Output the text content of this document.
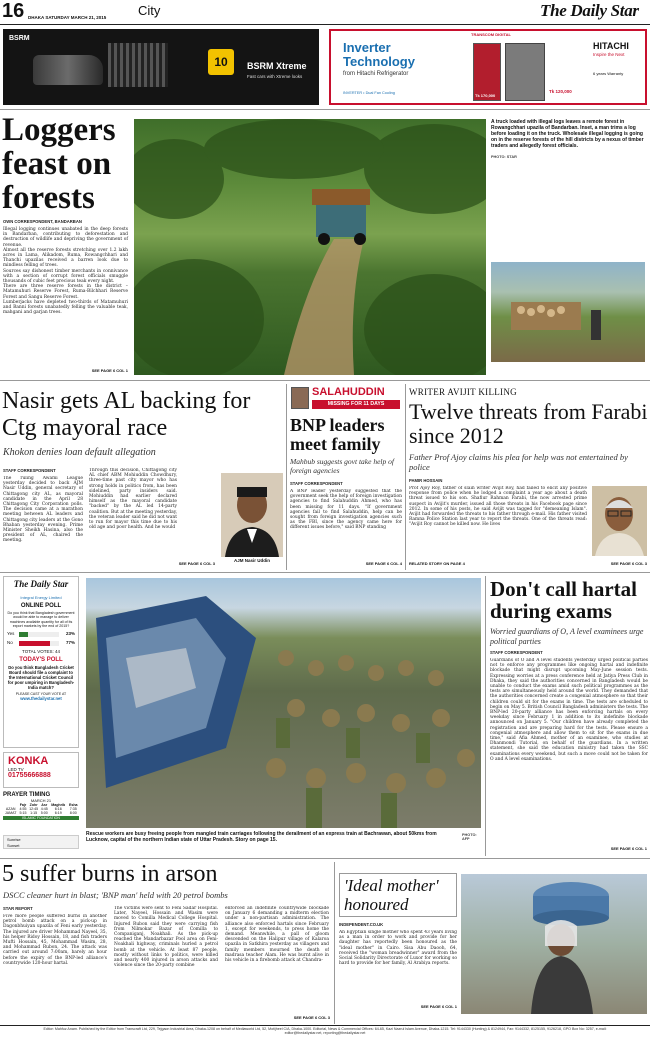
16 DHAKA SATURDAY MARCH 21, 2015 City	The Daily Star
BSRM
10	BSRM Xtreme
Fast cars with Xtreme looks
TRANSCOM DIGITAL
Inverter
Technology
from Hitachi Refrigerator
INVERTER • Dual Fan Cooling	Tk 170,000
Tk 120,000
HITACHI
Inspire the Next
6 years Warranty
Loggers feast on forests
OWN CORRESPONDENT, BANDARBAN

Illegal logging continues unabated in the deep forests in Bandarban, contributing to deforestation and destruction of wildlife and depriving the government of revenue.

Almost all the reserve forests stretching over 1.2 lakh acres in Lama, Alikadom, Ruma, Rowangchhari and Thanchi upazilas received a barren look due to mindless felling of trees.

Sources say dishonest timber merchants in connivance with a section of corrupt forest officials smuggle thousands of cubic feet precious teak every night.

There are three reserve forests in the district – Matamuhuri Reserve Forest, Ruma-Bilchhari Reserve Forest and Sangu Reserve Forest.

Lumberjacks have depleted two-thirds of Matamuhuri and Banni forests unabatedly felling the valuable teak, mahgani and garjan trees.

SEE PAGE 6 COL 1
A truck loaded with illegal logs leaves a remote forest in Rowangchhari upazila of Bandarban. Inset, a man trims a log before loading it on the truck. Wholesale illegal logging is going on in the reserve forests of the hill districts by a nexus of timber traders and allegedly forest officials.
PHOTO: STAR
Nasir gets AL backing for Ctg mayoral race
Khokon denies loan default allegation
STAFF CORRESPONDENT
The ruling Awami League yesterday decided to back AJM Nasir Uddin, general secretary of Chittagong city AL, as mayoral candidate in the April 28 Chittagong City Corporation polls. The decision came at a marathon meeting between AL leaders and Chittagong city leaders at the Gono Bhaban yesterday evening. Prime Minister Sheikh Hasina, also the president of AL, chaired the meeting.
Through this decision, Chittagong city AL chief ABM Mohiuddin Chowdhury, three-time past city mayor who has strong holds in politics from, has been sidelined, party insiders said. Mohiuddin had earlier declared himself as the mayoral candidate "backed" by the AL led 14-party coalition. But at the meeting yesterday, the veteran leader said he did not want to run for mayor this time due to his old age and poor health. And he would
SEE PAGE 6 COL 3
AJM Nasir Uddin
SALAHUDDIN
MISSING FOR 11 DAYS
BNP leaders meet family
Mahbub suggests govt take help of foreign agencies
STAFF CORRESPONDENT
A BNP leader yesterday suggested that the government seek the help of foreign investigation agencies to find Salahuddin Ahmed, who has been missing for 11 days. "If government agencies fail to find Salahuddin, help can be sought from foreign investigation agencies such as the FBI, since the agency came here for different issues before," said BNP standing
SEE PAGE 6 COL 4
WRITER AVIJIT KILLING
Twelve threats from Farabi since 2012
Father Prof Ajoy claims his plea for help was not entertained by police
PAMIR HOSSAIN
Prof Ajoy Roy, father of slain writer Avijit Roy, had failed to elicit any positive response from police when he lodged a complaint a year ago about a death threat issued to his son. Shafiur Rahman Farabi, the now arrested prime suspect in Avijit's murder, issued all those threats in his Facebook page since 2012. In some of his posts, he said Avijit was tagged for "demeaning Islam". Avijit had forwarded the threats to his father through e-mail. His father visited Ramna Police Station last year to report the threats. One of the threats read: "Avijit Roy cannot be killed now. He lives
RELATED STORY ON PAGE 4	SEE PAGE 6 COL 3
The Daily Star
Integral Energy Limited
ONLINE POLL
Do you think that Bangladesh government would be able to manage to deliver machines available quantity for all of its export markets by the end of 2015?
Yes	23%
No	77%
TOTAL VOTES: 44
TODAY'S POLL
Do you think Bangladesh Cricket Board should file a complaint to the International Cricket Council for poor umpiring in Bangladesh-India match?
PLEASE CAST YOUR VOTE AT
www.thedailystar.net
KONKA
LED TV
01755666888
PRAYER TIMING
MARCH 21
	Fajr	Zohr	Asr	Maghrib	Esha
AZAN	4:55	12:45	4:45	6:16	7:35
JAMAT	5:15	1:15	5:00	6:19	8:00
ISLAMIC FOUNDATION
Sunrise
Sunset
Rescue workers are busy freeing people from mangled train carriages following the derailment of an express train at Bachrawan, about 50kms from Lucknow, capital of the northern Indian state of Uttar Pradesh. Story on page 15.
PHOTO: AFP
Don't call hartal during exams
Worried guardians of O, A level examinees urge political parties
STAFF CORRESPONDENT
Guardians of O and A level students yesterday urged political parties not to enforce any programmes like ongoing hartal and indefinite blockade that might disrupt upcoming May-June session tests. Expressing worries at a press conference held at Jatiya Press Club in Dhaka, they said the authorities concerned in Bangladesh would be unable to conduct the exams amid such political programmes as the tests are simultaneously held around the world. They demanded that the authorities concerned create a congenial atmosphere so that their children could sit for the exams in time. The tests are scheduled to begin on May 5. British Council Bangladesh administers the tests. The BNP-led 20-party alliance has been enforcing hartals on every weekday since February 1 in addition to its indefinite blockade announced on January 5. "Our children have already completed the registration and are preparing hard for the tests. Please ensure a congenial atmosphere and allow them to sit for the exams in due time," said Afia Ahmed, mother of an examinee, who studies at Dhanmondi Tutorial, on behalf of the guardians. In a written statement, she said the education ministry had taken the SSC examinations every weekend, but such a move could not be taken for O and A level examinations.
SEE PAGE 6 COL 1
5 suffer burns in arson
DSCC cleaner hurt in blast; 'BNP man' held with 20 petrol bombs
STAR REPORT
Five more people suffered burns in another petrol bomb attack on a pick-up in Dagonbhuiyan upazila of Feni early yesterday. The injured are driver Mohammad Nayeel, 35, his helper Ridoy Hossain, 18, and fish traders Mufti Hossain, 45, Mohammad Wasim, 28, and Mohammad Rubon, 24. The attack was carried out around 7:00am, barely an hour before the expiry of the BNP-led alliance's countrywide 120-hour hartal.
The victims were sent to Feni Sadar Hospital. Later, Nayeel, Hossain and Wasim were moved to Comilla Medical College Hospital. Injured Rubon said they were carrying fish from Nilmokar Bazar of Comilla to Companiganj, Noakhali. As the pick-up reached the Mandarbazar Pool area on Feni-Noakhali highway, criminals hurled a petrol bomb at the vehicle. At least 87 people, mostly without links to politics, were killed and nearly 400 injured in arson attacks and violence since the 20-party combine
enforced an indefinite countrywide blockade on January 6 demanding a midterm election under a non-partisan administration. The alliance also enforced hartals since February 1, except for weekends, to press home the demand. Meanwhile, a pall of gloom descended on the Halipur village of Kalaroa upazila in Satkhira yesterday as villagers and family members mourned the death of madrasa teacher Alam. He was burnt alive in his vehicle in a firebomb attack at Chandra-
SEE PAGE 6 COL 3
'Ideal mother' honoured
INDEPENDENT.CO.UK
An Egyptian single mother who spent 43 years living as a man in order to work and provide for her daughter has reportedly been honoured as the "ideal mother" in Cairo. Sisa Abu Daooh, 64, received the "woman breadwinner" award from the Social Solidarity Directorate of Luxor for working so hard to provide for her family, Al Arabiya reports.
SEE PAGE 6 COL 1
Editor: Mahfuz Anam. Published by the Editor from Transcraft Ltd, 229, Tejgaon Industrial Area, Dhaka-1208 on behalf of Mediaworld Ltd, 52, Motijheel C/A, Dhaka-1000. Editorial, News & Commercial Offices: 64-65, Kazi Nazrul Islam Avenue, Dhaka-1215. Tel: 9144330 (Hunting) & 8124944, Fax: 9144332, 8125155, 9126218, GPO Box No: 3257, e-mail: editor@thedailystar.net, reporting@thedailystar.net
